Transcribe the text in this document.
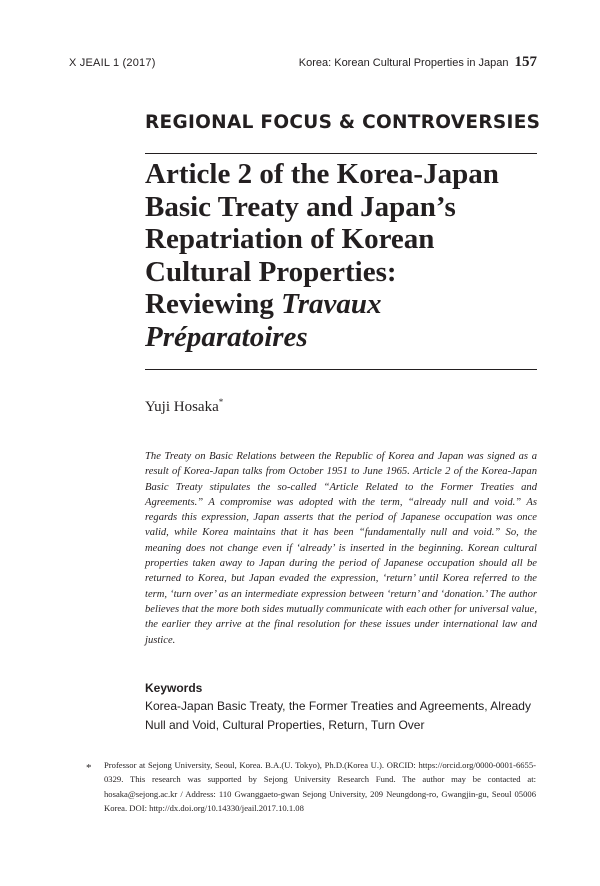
X JEAIL 1 (2017)	Korea: Korean Cultural Properties in Japan 157
REGIONAL FOCUS & CONTROVERSIES
Article 2 of the Korea-Japan
Basic Treaty and Japan’s
Repatriation of Korean
Cultural Properties:
Reviewing Travaux
Préparatoires
Yuji Hosaka*

The Treaty on Basic Relations between the Republic of Korea and Japan was signed as a result of Korea-Japan talks from October 1951 to June 1965. Article 2 of the Korea-Japan Basic Treaty stipulates the so-called “Article Related to the Former Treaties and Agreements.” A compromise was adopted with the term, “already null and void.” As regards this expression, Japan asserts that the period of Japanese occupation was once valid, while Korea maintains that it has been “fundamentally null and void.” So, the meaning does not change even if ‘already’ is inserted in the beginning. Korean cultural properties taken away to Japan during the period of Japanese occupation should all be returned to Korea, but Japan evaded the expression, ‘return’ until Korea referred to the term, ‘turn over’ as an intermediate expression between ‘return’ and ‘donation.’ The author believes that the more both sides mutually communicate with each other for universal value, the earlier they arrive at the final resolution for these issues under international law and justice.

Keywords

Korea-Japan Basic Treaty, the Former Treaties and Agreements, Already Null and Void, Cultural Properties, Return, Turn Over

* Professor at Sejong University, Seoul, Korea. B.A.(U. Tokyo), Ph.D.(Korea U.). ORCID: https://orcid.org/0000-0001-6655-0329. This research was supported by Sejong University Research Fund. The author may be contacted at: hosaka@sejong.ac.kr / Address: 110 Gwanggaeto-gwan Sejong University, 209 Neungdong-ro, Gwangjin-gu, Seoul 05006 Korea. DOI: http://dx.doi.org/10.14330/jeail.2017.10.1.08
